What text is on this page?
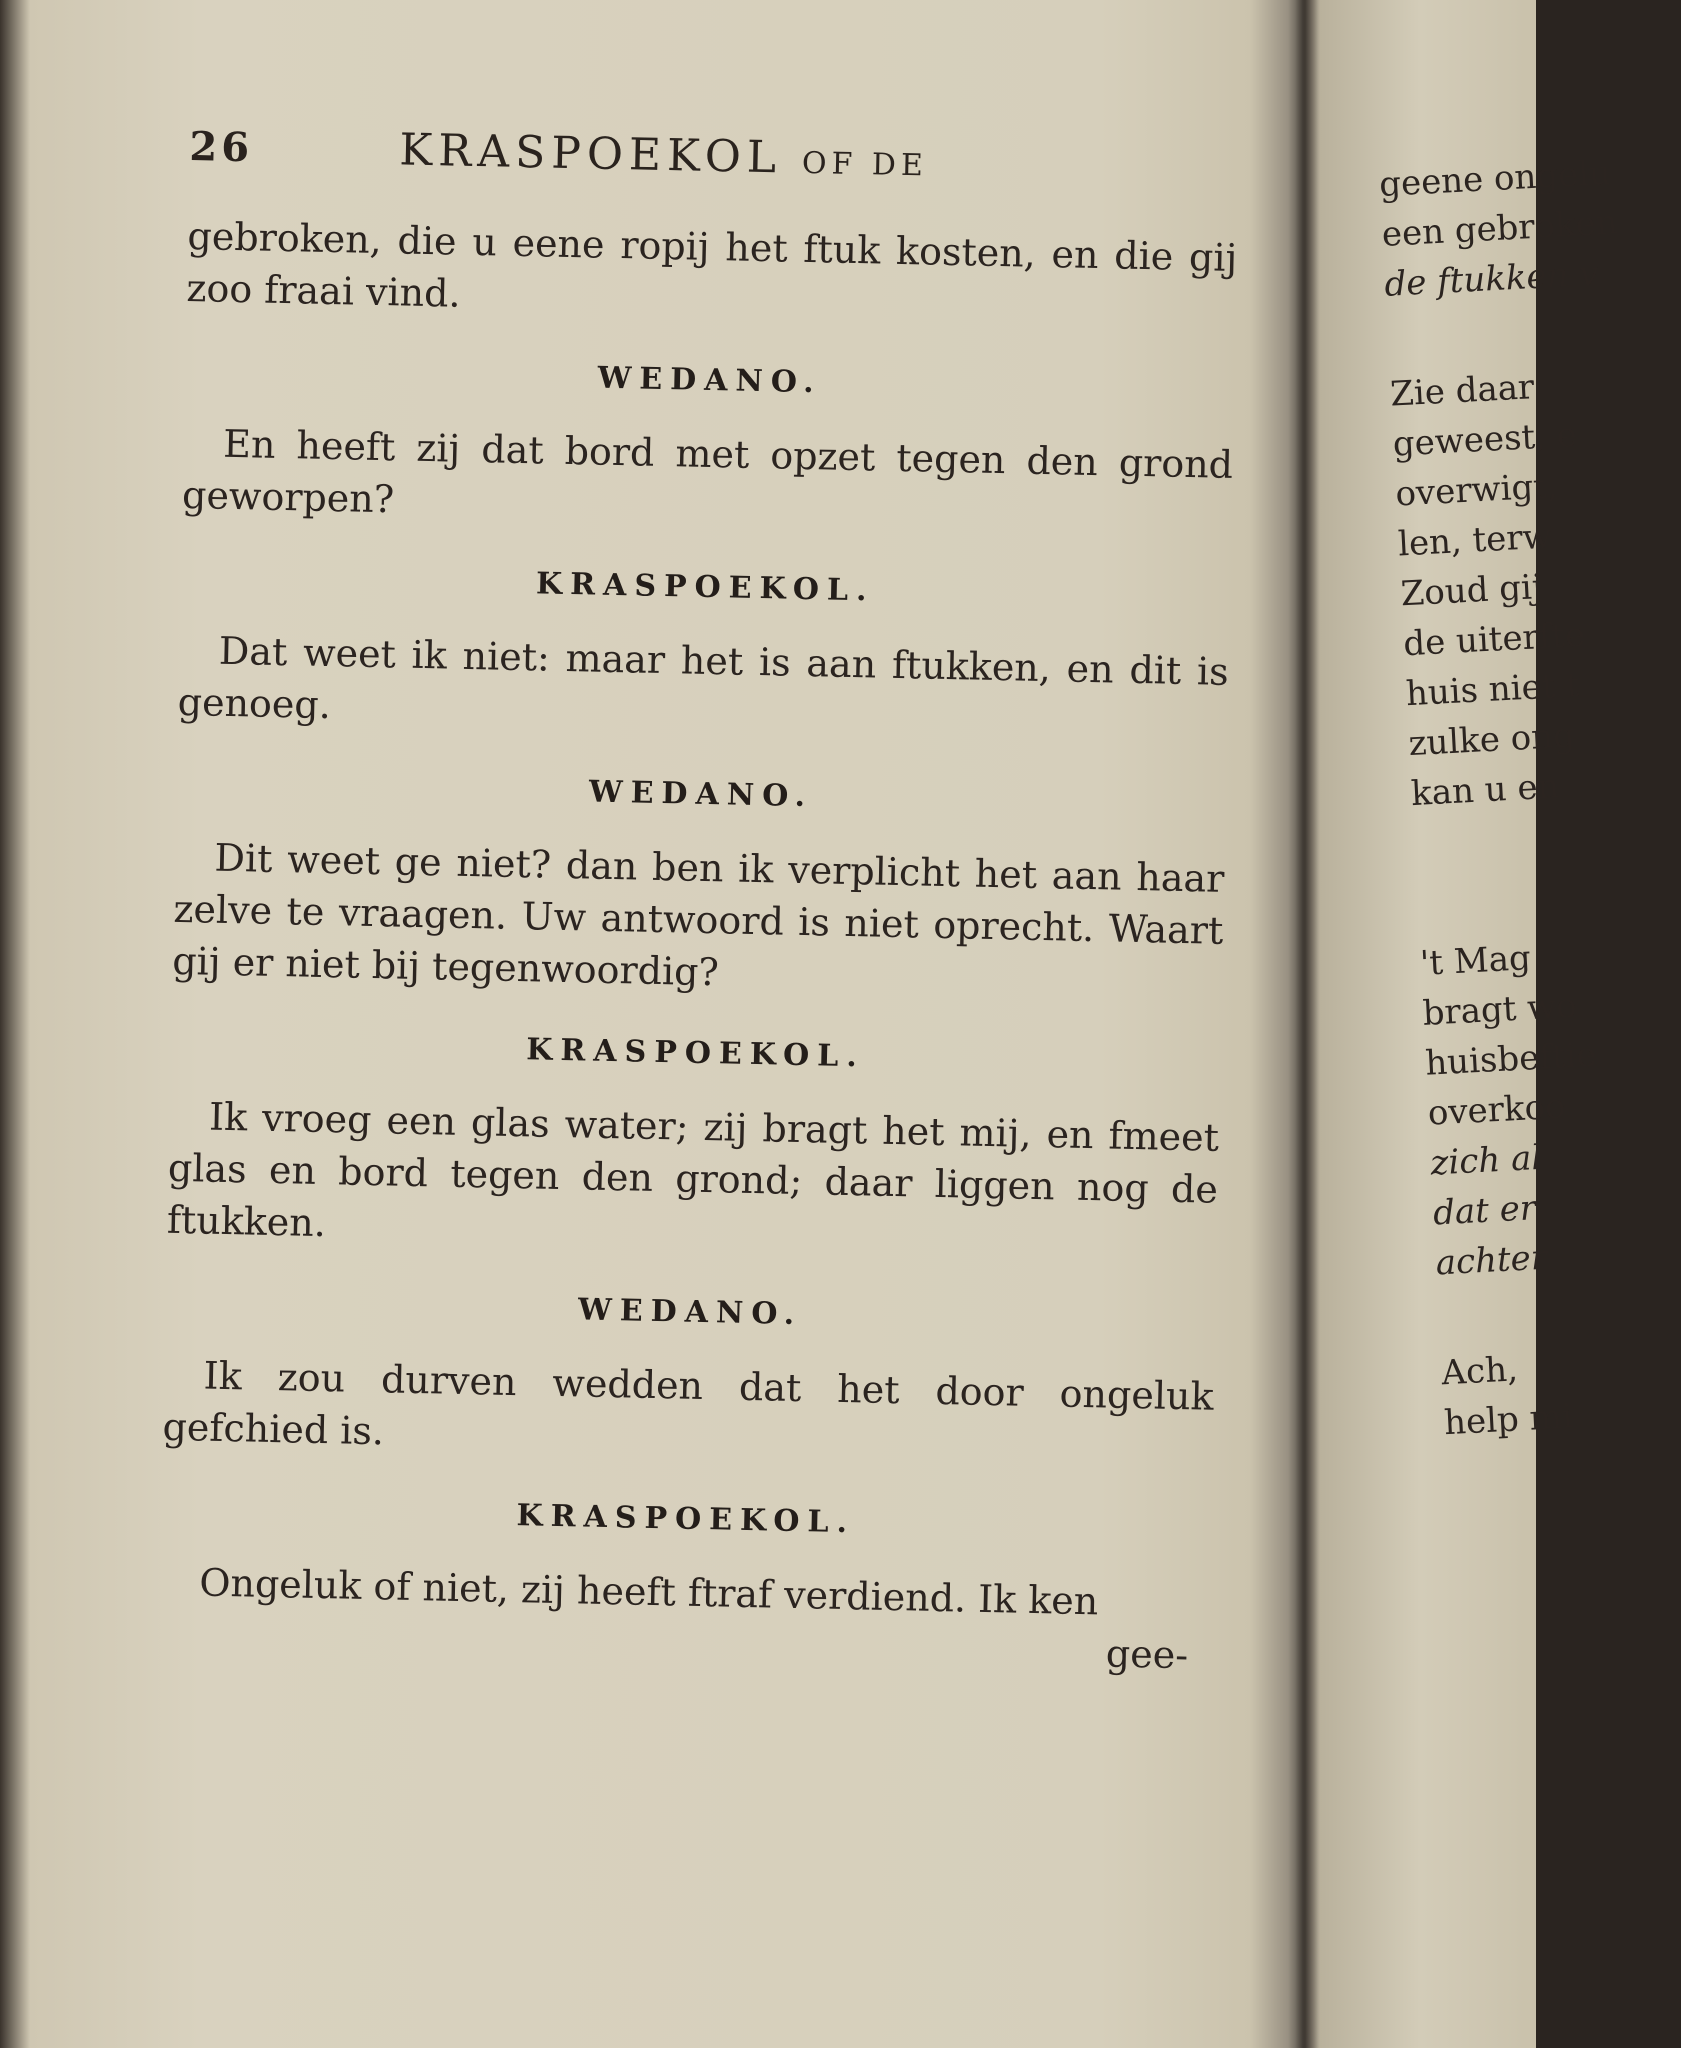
26	KRASPOEKOL OF DE

gebroken, die u eene ropij het ftuk kosten, en die gij zoo fraai vind.

WEDANO.

En heeft zij dat bord met opzet tegen den grond geworpen?

KRASPOEKOL.

Dat weet ik niet: maar het is aan ftukken, en dit is genoeg.

WEDANO.

Dit weet ge niet? dan ben ik verplicht het aan haar zelve te vraagen. Uw antwoord is niet oprecht. Waart gij er niet bij tegenwoordig?

KRASPOEKOL.

Ik vroeg een glas water; zij bragt het mij, en fmeet glas en bord tegen den grond; daar liggen nog de ftukken.

WEDANO.

Ik zou durven wedden dat het door ongeluk gefchied is.

KRASPOEKOL.

Ongeluk of niet, zij heeft ftraf verdiend. Ik ken

gee-
geene ongelu
een gebroken
de ftukken v
Zie daar
geweest, e
overwigt,
len, terw
Zoud gij
de uiterfte
huis niet t
zulke ong
kan u en
't Mag
bragt wo
huisbeftie
overkoo
zich al
dat er
achter
Ach,
help mi
